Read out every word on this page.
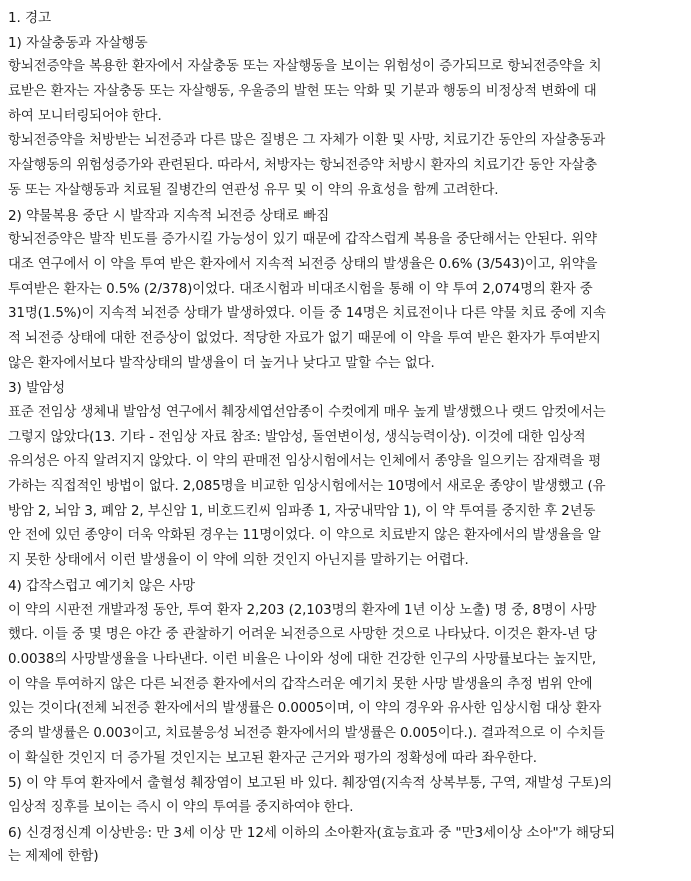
1. 경고
1) 자살충동과 자살행동
항뇌전증약을 복용한 환자에서 자살충동 또는 자살행동을 보이는 위험성이 증가되므로 항뇌전증약을 치
료받은 환자는 자살충동 또는 자살행동, 우울증의 발현 또는 악화 및 기분과 행동의 비정상적 변화에 대
하여 모니터링되어야 한다.
항뇌전증약을 처방받는 뇌전증과 다른 많은 질병은 그 자체가 이환 및 사망, 치료기간 동안의 자살충동과
자살행동의 위험성증가와 관련된다. 따라서, 처방자는 항뇌전증약 처방시 환자의 치료기간 동안 자살충
동 또는 자살행동과 치료될 질병간의 연관성 유무 및 이 약의 유효성을 함께 고려한다.
2) 약물복용 중단 시 발작과 지속적 뇌전증 상태로 빠짐
항뇌전증약은 발작 빈도를 증가시킬 가능성이 있기 때문에 갑작스럽게 복용을 중단해서는 안된다. 위약
대조 연구에서 이 약을 투여 받은 환자에서 지속적 뇌전증 상태의 발생율은 0.6% (3/543)이고, 위약을
투여받은 환자는 0.5% (2/378)이었다. 대조시험과 비대조시험을 통해 이 약 투여 2,074명의 환자 중
31명(1.5%)이 지속적 뇌전증 상태가 발생하였다. 이들 중 14명은 치료전이나 다른 약물 치료 중에 지속
적 뇌전증 상태에 대한 전증상이 없었다. 적당한 자료가 없기 때문에 이 약을 투여 받은 환자가 투여받지
않은 환자에서보다 발작상태의 발생율이 더 높거나 낮다고 말할 수는 없다.
3) 발암성
표준 전임상 생체내 발암성 연구에서 췌장세엽선암종이 수컷에게 매우 높게 발생했으나 랫드 암컷에서는
그렇지 않았다(13. 기타 - 전임상 자료 참조: 발암성, 돌연변이성, 생식능력이상). 이것에 대한 임상적
유의성은 아직 알려지지 않았다. 이 약의 판매전 임상시험에서는 인체에서 종양을 일으키는 잠재력을 평
가하는 직접적인 방법이 없다. 2,085명을 비교한 임상시험에서는 10명에서 새로운 종양이 발생했고 (유
방암 2, 뇌암 3, 폐암 2, 부신암 1, 비호드킨씨 임파종 1, 자궁내막암 1), 이 약 투여를 중지한 후 2년동
안 전에 있던 종양이 더욱 악화된 경우는 11명이었다. 이 약으로 치료받지 않은 환자에서의 발생율을 알
지 못한 상태에서 이런 발생율이 이 약에 의한 것인지 아닌지를 말하기는 어렵다.
4) 갑작스럽고 예기치 않은 사망
이 약의 시판전 개발과정 동안, 투여 환자 2,203 (2,103명의 환자에 1년 이상 노출) 명 중, 8명이 사망
했다. 이들 중 몇 명은 야간 중 관찰하기 어려운 뇌전증으로 사망한 것으로 나타났다. 이것은 환자-년 당
0.0038의 사망발생율을 나타낸다. 이런 비율은 나이와 성에 대한 건강한 인구의 사망률보다는 높지만,
이 약을 투여하지 않은 다른 뇌전증 환자에서의 갑작스러운 예기치 못한 사망 발생율의 추정 범위 안에
있는 것이다(전체 뇌전증 환자에서의 발생률은 0.0005이며, 이 약의 경우와 유사한 임상시험 대상 환자
중의 발생률은 0.003이고, 치료불응성 뇌전증 환자에서의 발생률은 0.005이다.). 결과적으로 이 수치들
이 확실한 것인지 더 증가될 것인지는 보고된 환자군 근거와 평가의 정확성에 따라 좌우한다.
5) 이 약 투여 환자에서 출혈성 췌장염이 보고된 바 있다. 췌장염(지속적 상복부통, 구역, 재발성 구토)의
임상적 징후를 보이는 즉시 이 약의 투여를 중지하여야 한다.
6) 신경정신계 이상반응: 만 3세 이상 만 12세 이하의 소아환자(효능효과 중 "만3세이상 소아"가 해당되
는 제제에 한함)
